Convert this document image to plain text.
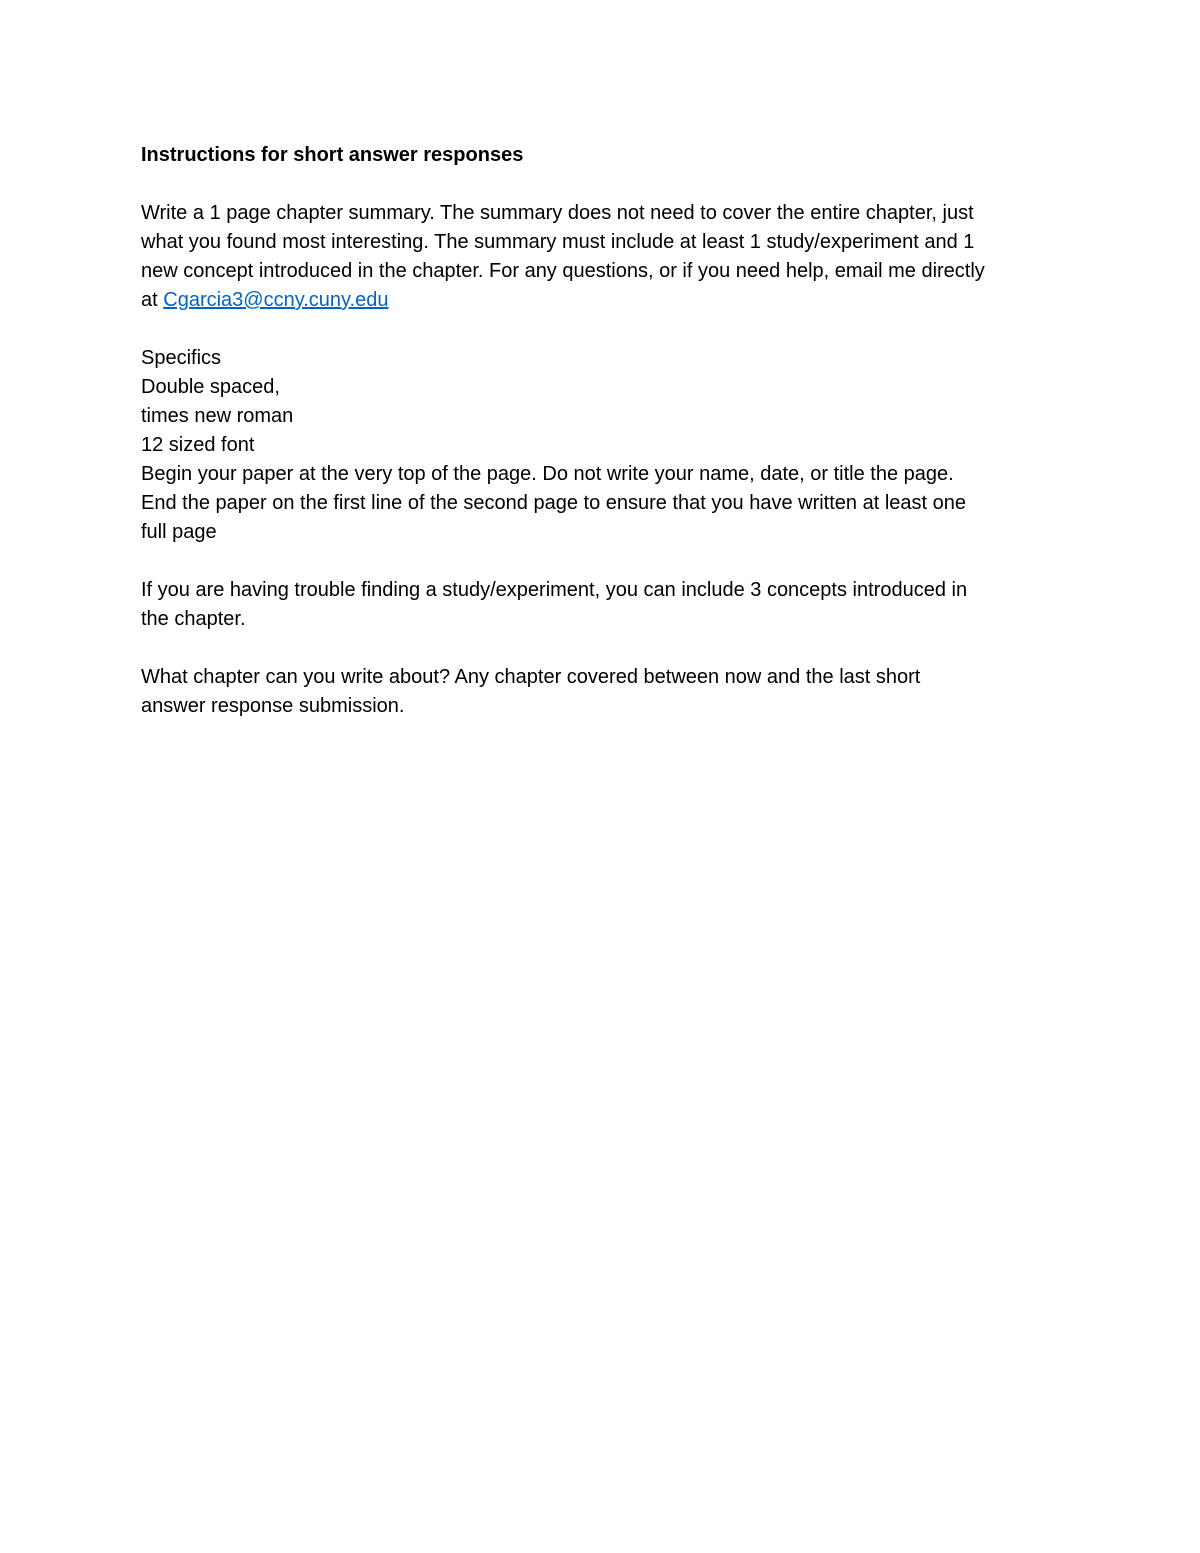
Instructions for short answer responses
Write a 1 page chapter summary. The summary does not need to cover the entire chapter, just
what you found most interesting. The summary must include at least 1 study/experiment and 1
new concept introduced in the chapter. For any questions, or if you need help, email me directly
at Cgarcia3@ccny.cuny.edu
Specifics
Double spaced,
times new roman
12 sized font
Begin your paper at the very top of the page. Do not write your name, date, or title the page.
End the paper on the first line of the second page to ensure that you have written at least one
full page
If you are having trouble finding a study/experiment, you can include 3 concepts introduced in
the chapter.
What chapter can you write about? Any chapter covered between now and the last short
answer response submission.
